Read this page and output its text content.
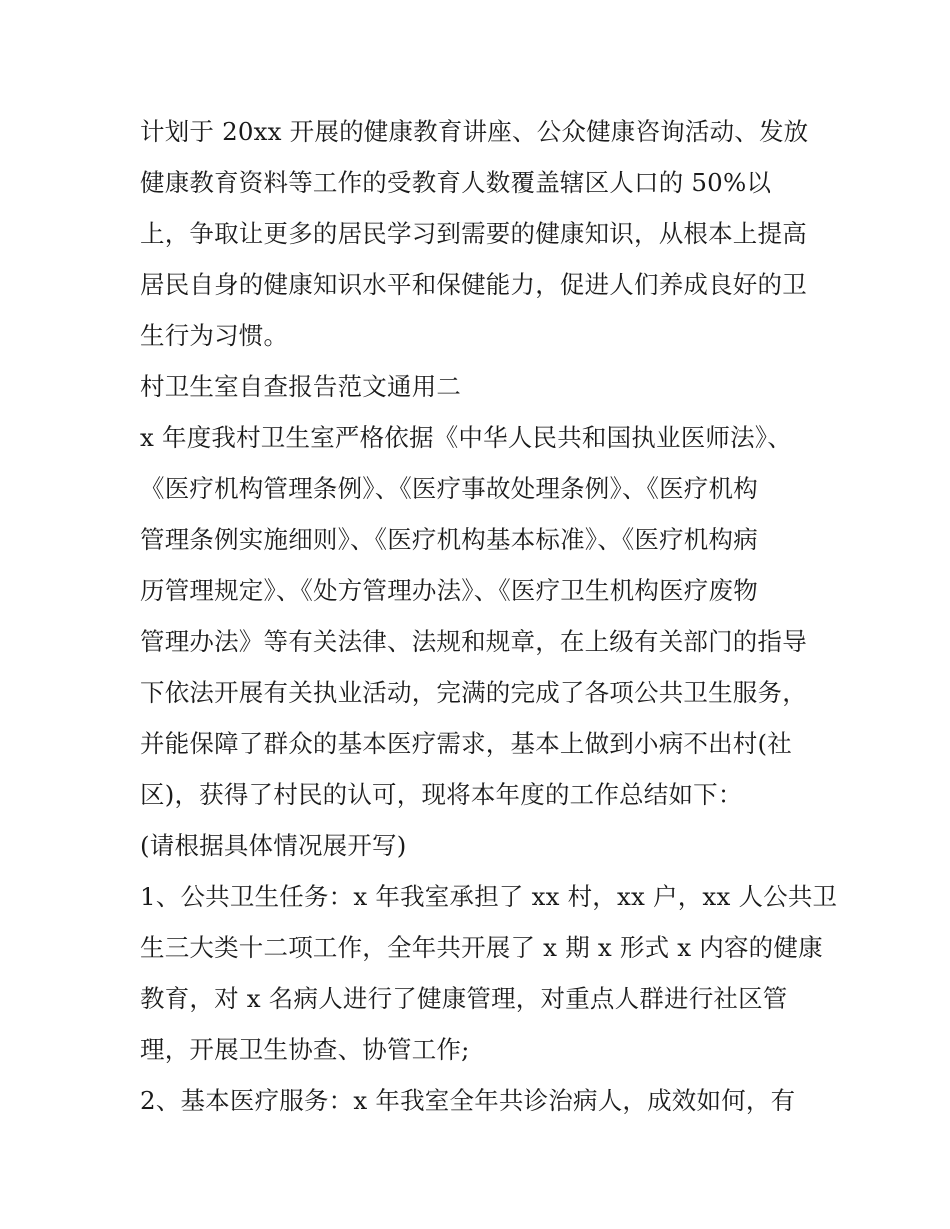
计划于 20xx 开展的健康教育讲座、公众健康咨询活动、发放
健康教育资料等工作的受教育人数覆盖辖区人口的 50%以
上，争取让更多的居民学习到需要的健康知识，从根本上提高
居民自身的健康知识水平和保健能力，促进人们养成良好的卫
生行为习惯。
村卫生室自查报告范文通用二
x 年度我村卫生室严格依据《中华人民共和国执业医师法》、
《医疗机构管理条例》、《医疗事故处理条例》、《医疗机构
管理条例实施细则》、《医疗机构基本标准》、《医疗机构病
历管理规定》、《处方管理办法》、《医疗卫生机构医疗废物
管理办法》等有关法律、法规和规章，在上级有关部门的指导
下依法开展有关执业活动，完满的完成了各项公共卫生服务，
并能保障了群众的基本医疗需求，基本上做到小病不出村(社
区)，获得了村民的认可，现将本年度的工作总结如下：
(请根据具体情况展开写)
1、公共卫生任务：x 年我室承担了 xx 村，xx 户，xx 人公共卫
生三大类十二项工作，全年共开展了 x 期 x 形式 x 内容的健康
教育，对 x 名病人进行了健康管理，对重点人群进行社区管
理，开展卫生协查、协管工作;
2、基本医疗服务：x 年我室全年共诊治病人，成效如何，有
